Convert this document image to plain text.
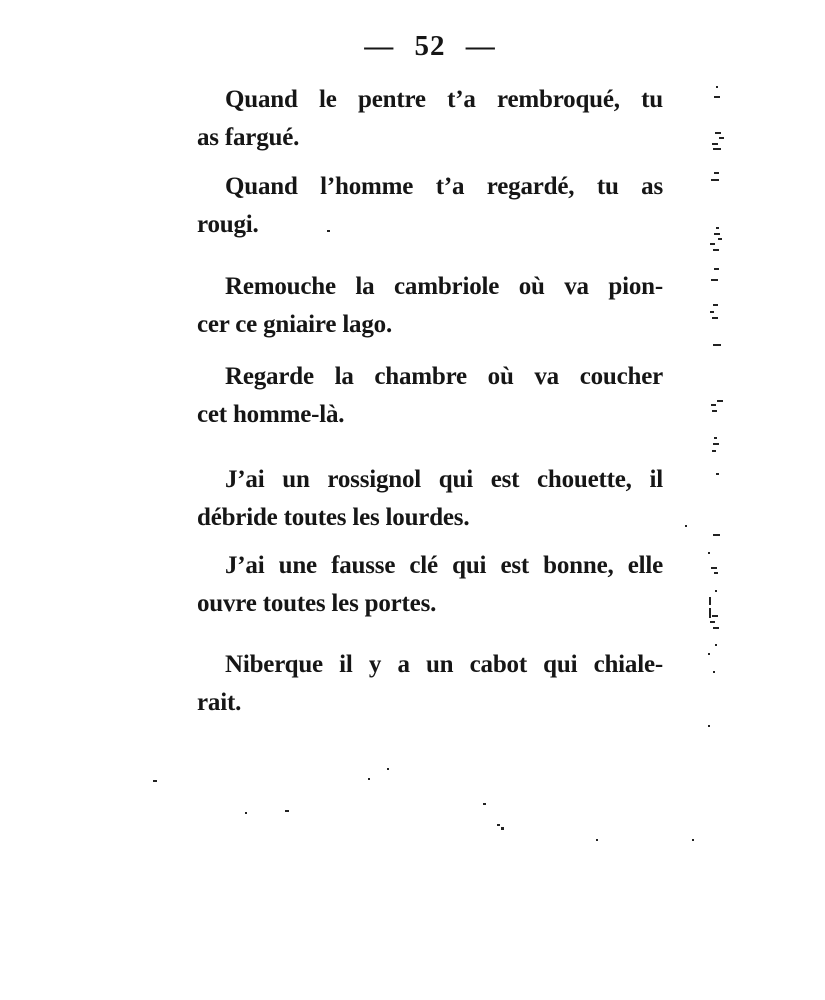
— 52 —
Quand le pentre t’a rembroqué, tu
as fargué.
Quand l’homme t’a regardé, tu as
rougi.
Remouche la cambriole où va pion-
cer ce gniaire lago.
Regarde la chambre où va coucher
cet homme-là.
J’ai un rossignol qui est chouette, il
débride toutes les lourdes.
J’ai une fausse clé qui est bonne, elle
ouvre toutes les portes.
Niberque il y a un cabot qui chiale-
rait.
